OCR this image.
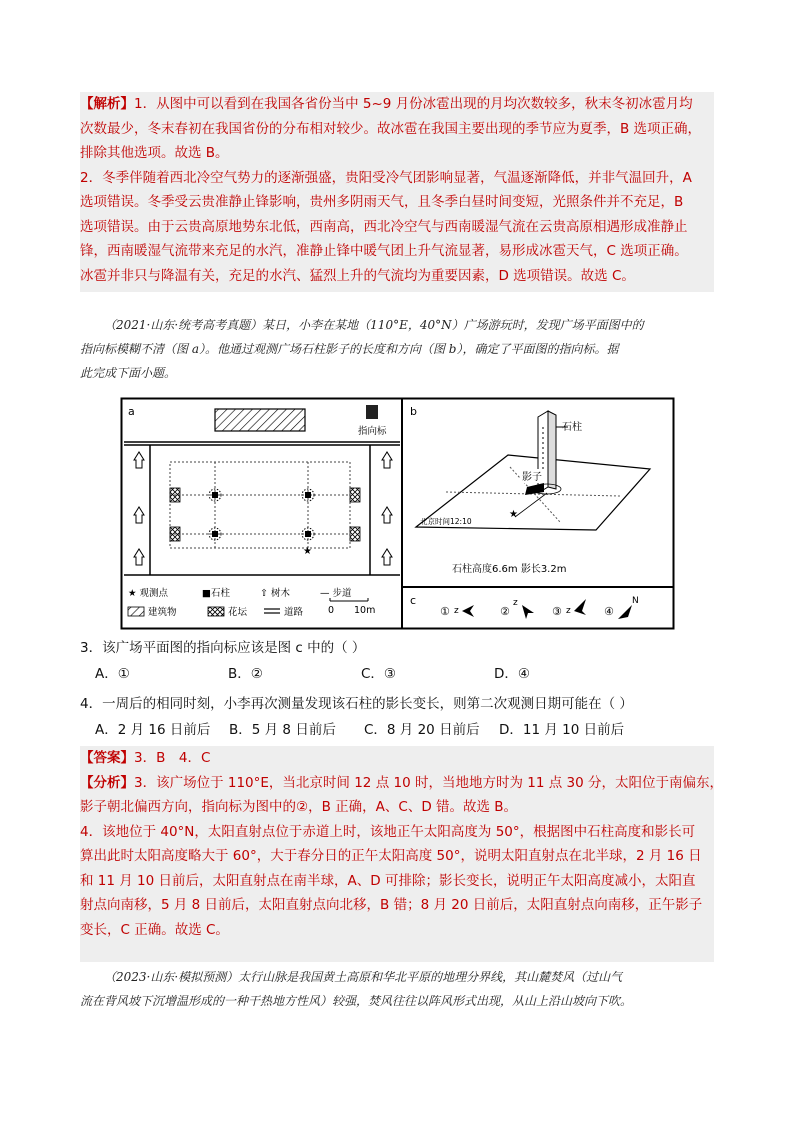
【解析】1．从图中可以看到在我国各省份当中 5~9 月份冰雹出现的月均次数较多，秋末冬初冰雹月均
次数最少，冬末春初在我国省份的分布相对较少。故冰雹在我国主要出现的季节应为夏季，B 选项正确，
排除其他选项。故选 B。
2．冬季伴随着西北冷空气势力的逐渐强盛，贵阳受冷气团影响显著，气温逐渐降低，并非气温回升，A
选项错误。冬季受云贵准静止锋影响，贵州多阴雨天气，且冬季白昼时间变短，光照条件并不充足，B
选项错误。由于云贵高原地势东北低，西南高，西北冷空气与西南暖湿气流在云贵高原相遇形成准静止
锋，西南暖湿气流带来充足的水汽，准静止锋中暖气团上升气流显著，易形成冰雹天气，C 选项正确。
冰雹并非只与降温有关，充足的水汽、猛烈上升的气流均为重要因素，D 选项错误。故选 C。
（2021·山东·统考高考真题）某日，小李在某地（110°E，40°N）广场游玩时，发现广场平面图中的
指向标模糊不清（图 a）。他通过观测广场石柱影子的长度和方向（图 b），确定了平面图的指向标。据
此完成下面小题。
a
指向标
★
★ 观测点	■石柱	⇧ 树木	— 步道
建筑物	花坛	道路	0 10m
b
石柱
影子
★
北京时间12:10
石柱高度6.6m 影长3.2m
c
① z	②
z
③ z	④
N
3．该广场平面图的指向标应该是图 c 中的（ ）
A．①	B．②	C．③	D．④
4．一周后的相同时刻，小李再次测量发现该石柱的影长变长，则第二次观测日期可能在（ ）
A．2 月 16 日前后	B．5 月 8 日前后	C．8 月 20 日前后	D．11 月 10 日前后
【答案】3．B　4．C
【分析】3．该广场位于 110°E，当北京时间 12 点 10 时，当地地方时为 11 点 30 分，太阳位于南偏东，
影子朝北偏西方向，指向标为图中的②，B 正确，A、C、D 错。故选 B。
4．该地位于 40°N，太阳直射点位于赤道上时，该地正午太阳高度为 50°，根据图中石柱高度和影长可
算出此时太阳高度略大于 60°，大于春分日的正午太阳高度 50°，说明太阳直射点在北半球，2 月 16 日
和 11 月 10 日前后，太阳直射点在南半球，A、D 可排除；影长变长，说明正午太阳高度减小，太阳直
射点向南移，5 月 8 日前后，太阳直射点向北移，B 错；8 月 20 日前后，太阳直射点向南移，正午影子
变长，C 正确。故选 C。
（2023·山东·模拟预测）太行山脉是我国黄土高原和华北平原的地理分界线，其山麓焚风（过山气
流在背风坡下沉增温形成的一种干热地方性风）较强，焚风往往以阵风形式出现，从山上沿山坡向下吹。
